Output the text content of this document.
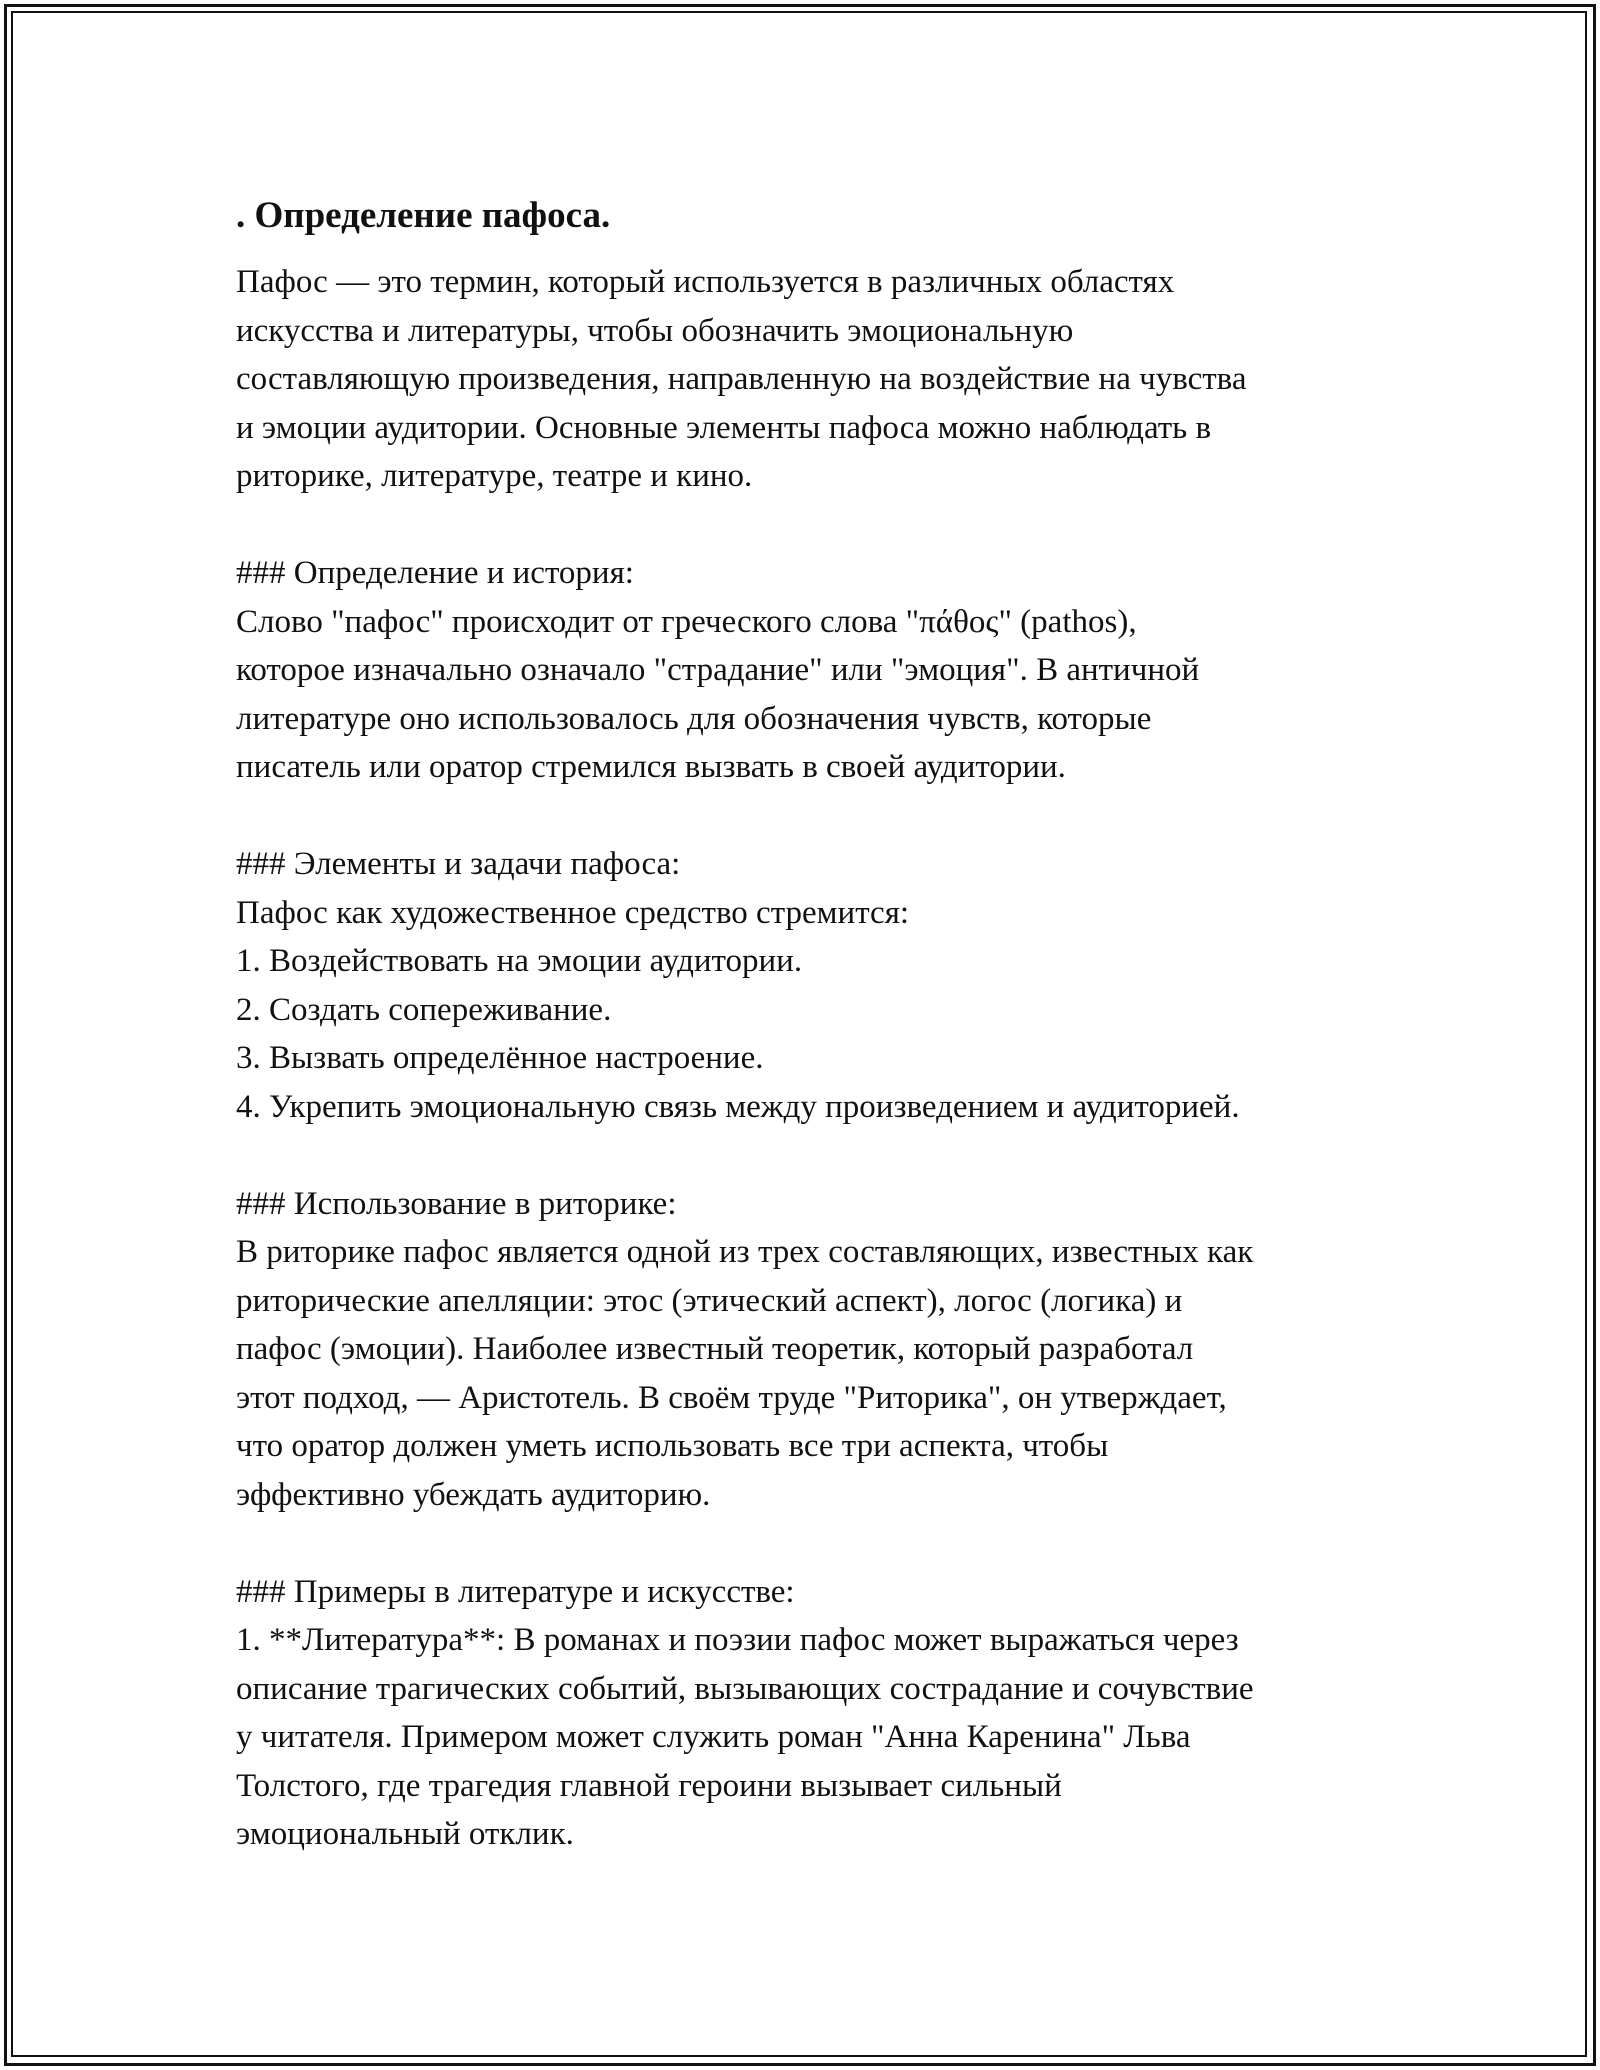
. Определение пафоса.
Пафос — это термин, который используется в различных областях
искусства и литературы, чтобы обозначить эмоциональную
составляющую произведения, направленную на воздействие на чувства
и эмоции аудитории. Основные элементы пафоса можно наблюдать в
риторике, литературе, театре и кино.
### Определение и история:
Слово "пафос" происходит от греческого слова "πάθος" (pathos),
которое изначально означало "страдание" или "эмоция". В античной
литературе оно использовалось для обозначения чувств, которые
писатель или оратор стремился вызвать в своей аудитории.
### Элементы и задачи пафоса:
Пафос как художественное средство стремится:
1. Воздействовать на эмоции аудитории.
2. Создать сопереживание.
3. Вызвать определённое настроение.
4. Укрепить эмоциональную связь между произведением и аудиторией.
### Использование в риторике:
В риторике пафос является одной из трех составляющих, известных как
риторические апелляции: этос (этический аспект), логос (логика) и
пафос (эмоции). Наиболее известный теоретик, который разработал
этот подход, — Аристотель. В своём труде "Риторика", он утверждает,
что оратор должен уметь использовать все три аспекта, чтобы
эффективно убеждать аудиторию.
### Примеры в литературе и искусстве:
1. **Литература**: В романах и поэзии пафос может выражаться через
описание трагических событий, вызывающих сострадание и сочувствие
у читателя. Примером может служить роман "Анна Каренина" Льва
Толстого, где трагедия главной героини вызывает сильный
эмоциональный отклик.
